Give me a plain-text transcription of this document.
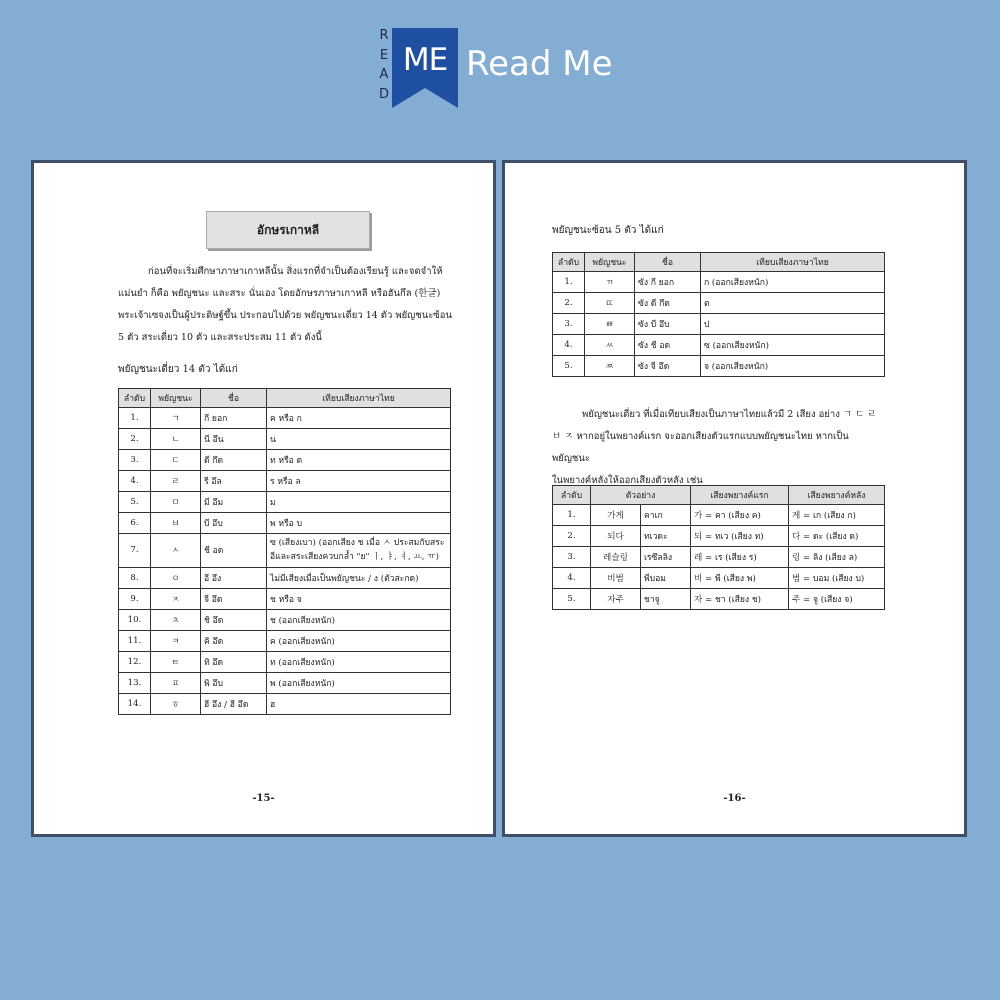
R
E
A
D
ME Read Me
อักษรเกาหลี

ก่อนที่จะเริ่มศึกษาภาษาเกาหลีนั้น สิ่งแรกที่จำเป็นต้องเรียนรู้ และจดจำให้

แม่นยำ ก็คือ พยัญชนะ และสระ นั่นเอง โดยอักษรภาษาเกาหลี หรือฮันกึล (한글)

พระเจ้าเซจงเป็นผู้ประดิษฐ์ขึ้น ประกอบไปด้วย พยัญชนะเดี่ยว 14 ตัว พยัญชนะซ้อน

5 ตัว สระเดี่ยว 10 ตัว และสระประสม 11 ตัว ดังนี้

พยัญชนะเดี่ยว 14 ตัว ได้แก่
ลำดับ	พยัญชนะ	ชื่อ	เทียบเสียงภาษาไทย
1.	ㄱ	กี ยอก	ค หรือ ก
2.	ㄴ	นี อึน	น
3.	ㄷ	ดี กึด	ท หรือ ด
4.	ㄹ	รี อึล	ร หรือ ล
5.	ㅁ	มี อึม	ม
6.	ㅂ	บี อึบ	พ หรือ บ
7.	ㅅ	ชี อด	ซ (เสียงเบา) (ออกเสียง ช เมื่อ ㅅ ประสมกับสระ
อีและสระเสียงควบกล้ำ "ย" ㅣ, ㅑ, ㅕ, ㅛ, ㅠ)

8.	ㅇ	อี อึง	ไม่มีเสียงเมื่อเป็นพยัญชนะ / ง (ตัวสะกด)
9.	ㅈ	จี อึด	ช หรือ จ
10.	ㅊ	ชิ อึด	ช (ออกเสียงหนัก)
11.	ㅋ	คิ อึด	ค (ออกเสียงหนัก)
12.	ㅌ	ทิ อึด	ท (ออกเสียงหนัก)
13.	ㅍ	พิ อึบ	พ (ออกเสียงหนัก)
14.	ㅎ	ฮี อึง / ฮี อึด	ฮ
-15-
พยัญชนะซ้อน 5 ตัว ได้แก่
ลำดับ	พยัญชนะ	ชื่อ	เทียบเสียงภาษาไทย
1.	ㄲ	ซัง กี ยอก	ก (ออกเสียงหนัก)
2.	ㄸ	ซัง ดี กึด	ต
3.	ㅃ	ซัง บี อึบ	ป
4.	ㅆ	ซัง ชี อด	ซ (ออกเสียงหนัก)
5.	ㅉ	ซัง จี อึด	จ (ออกเสียงหนัก)

พยัญชนะเดี่ยว ที่เมื่อเทียบเสียงเป็นภาษาไทยแล้วมี 2 เสียง อย่าง ㄱ ㄷ ㄹ

ㅂ ㅈ หากอยู่ในพยางค์แรก จะออกเสียงตัวแรกแบบพยัญชนะไทย หากเป็นพยัญชนะ

ในพยางค์หลังให้ออกเสียงตัวหลัง เช่น

ลำดับ	ตัวอย่าง		เสียงพยางค์แรก	เสียงพยางค์หลัง
1.	가게	คาเก	가 = คา (เสียง ค)	게 = เก (เสียง ก)
2.	되다	ทเวดะ	되 = ทเว (เสียง ท)	다 = ดะ (เสียง ด)
3.	레슬링	เรซึลลิง	레 = เร (เสียง ร)	링 = ลิง (เสียง ล)
4.	비범	พีบอม	비 = พี (เสียง พ)	범 = บอม (เสียง บ)
5.	자주	ชาจู	자 = ชา (เสียง ช)	주 = จู (เสียง จ)
-16-
